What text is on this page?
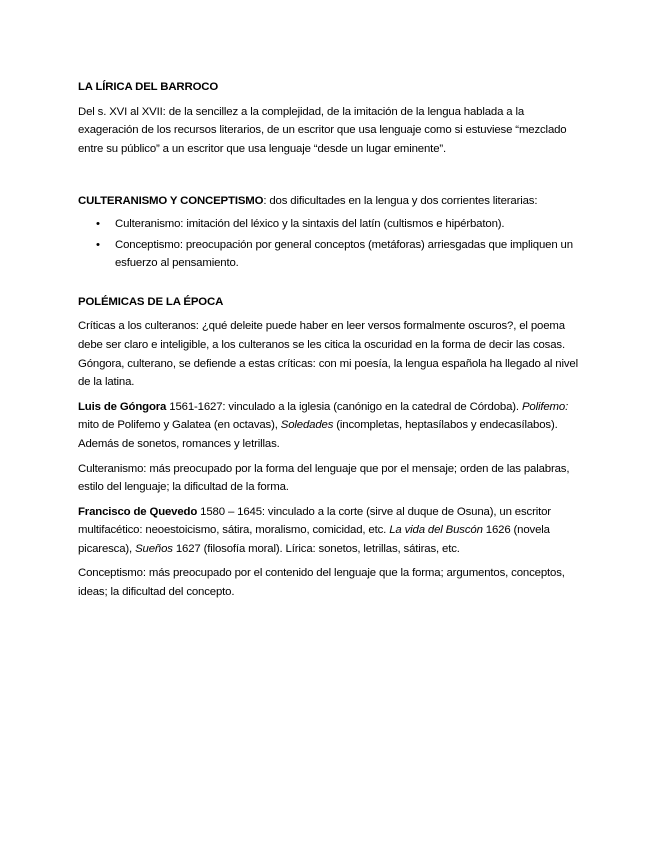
LA LÍRICA DEL BARROCO

Del s. XVI al XVII: de la sencillez a la complejidad, de la imitación de la lengua hablada a la exageración de los recursos literarios, de un escritor que usa lenguaje como si estuviese “mezclado entre su público” a un escritor que usa lenguaje “desde un lugar eminente”.

CULTERANISMO Y CONCEPTISMO: dos dificultades en la lengua y dos corrientes literarias:

• Culteranismo: imitación del léxico y la sintaxis del latín (cultismos e hipérbaton).
• Conceptismo: preocupación por general conceptos (metáforas) arriesgadas que impliquen un esfuerzo al pensamiento.
POLÉMICAS DE LA ÉPOCA

Críticas a los culteranos: ¿qué deleite puede haber en leer versos formalmente oscuros?, el poema debe ser claro e inteligible, a los culteranos se les citica la oscuridad en la forma de decir las cosas. Góngora, culterano, se defiende a estas críticas: con mi poesía, la lengua española ha llegado al nivel de la latina.

Luis de Góngora 1561-1627: vinculado a la iglesia (canónigo en la catedral de Córdoba). Polifemo: mito de Polifemo y Galatea (en octavas), Soledades (incompletas, heptasílabos y endecasílabos). Además de sonetos, romances y letrillas.

Culteranismo: más preocupado por la forma del lenguaje que por el mensaje; orden de las palabras, estilo del lenguaje; la dificultad de la forma.

Francisco de Quevedo 1580 – 1645: vinculado a la corte (sirve al duque de Osuna), un escritor multifacético: neoestoicismo, sátira, moralismo, comicidad, etc. La vida del Buscón 1626 (novela picaresca), Sueños 1627 (filosofía moral). Lírica: sonetos, letrillas, sátiras, etc.

Conceptismo: más preocupado por el contenido del lenguaje que la forma; argumentos, conceptos, ideas; la dificultad del concepto.
